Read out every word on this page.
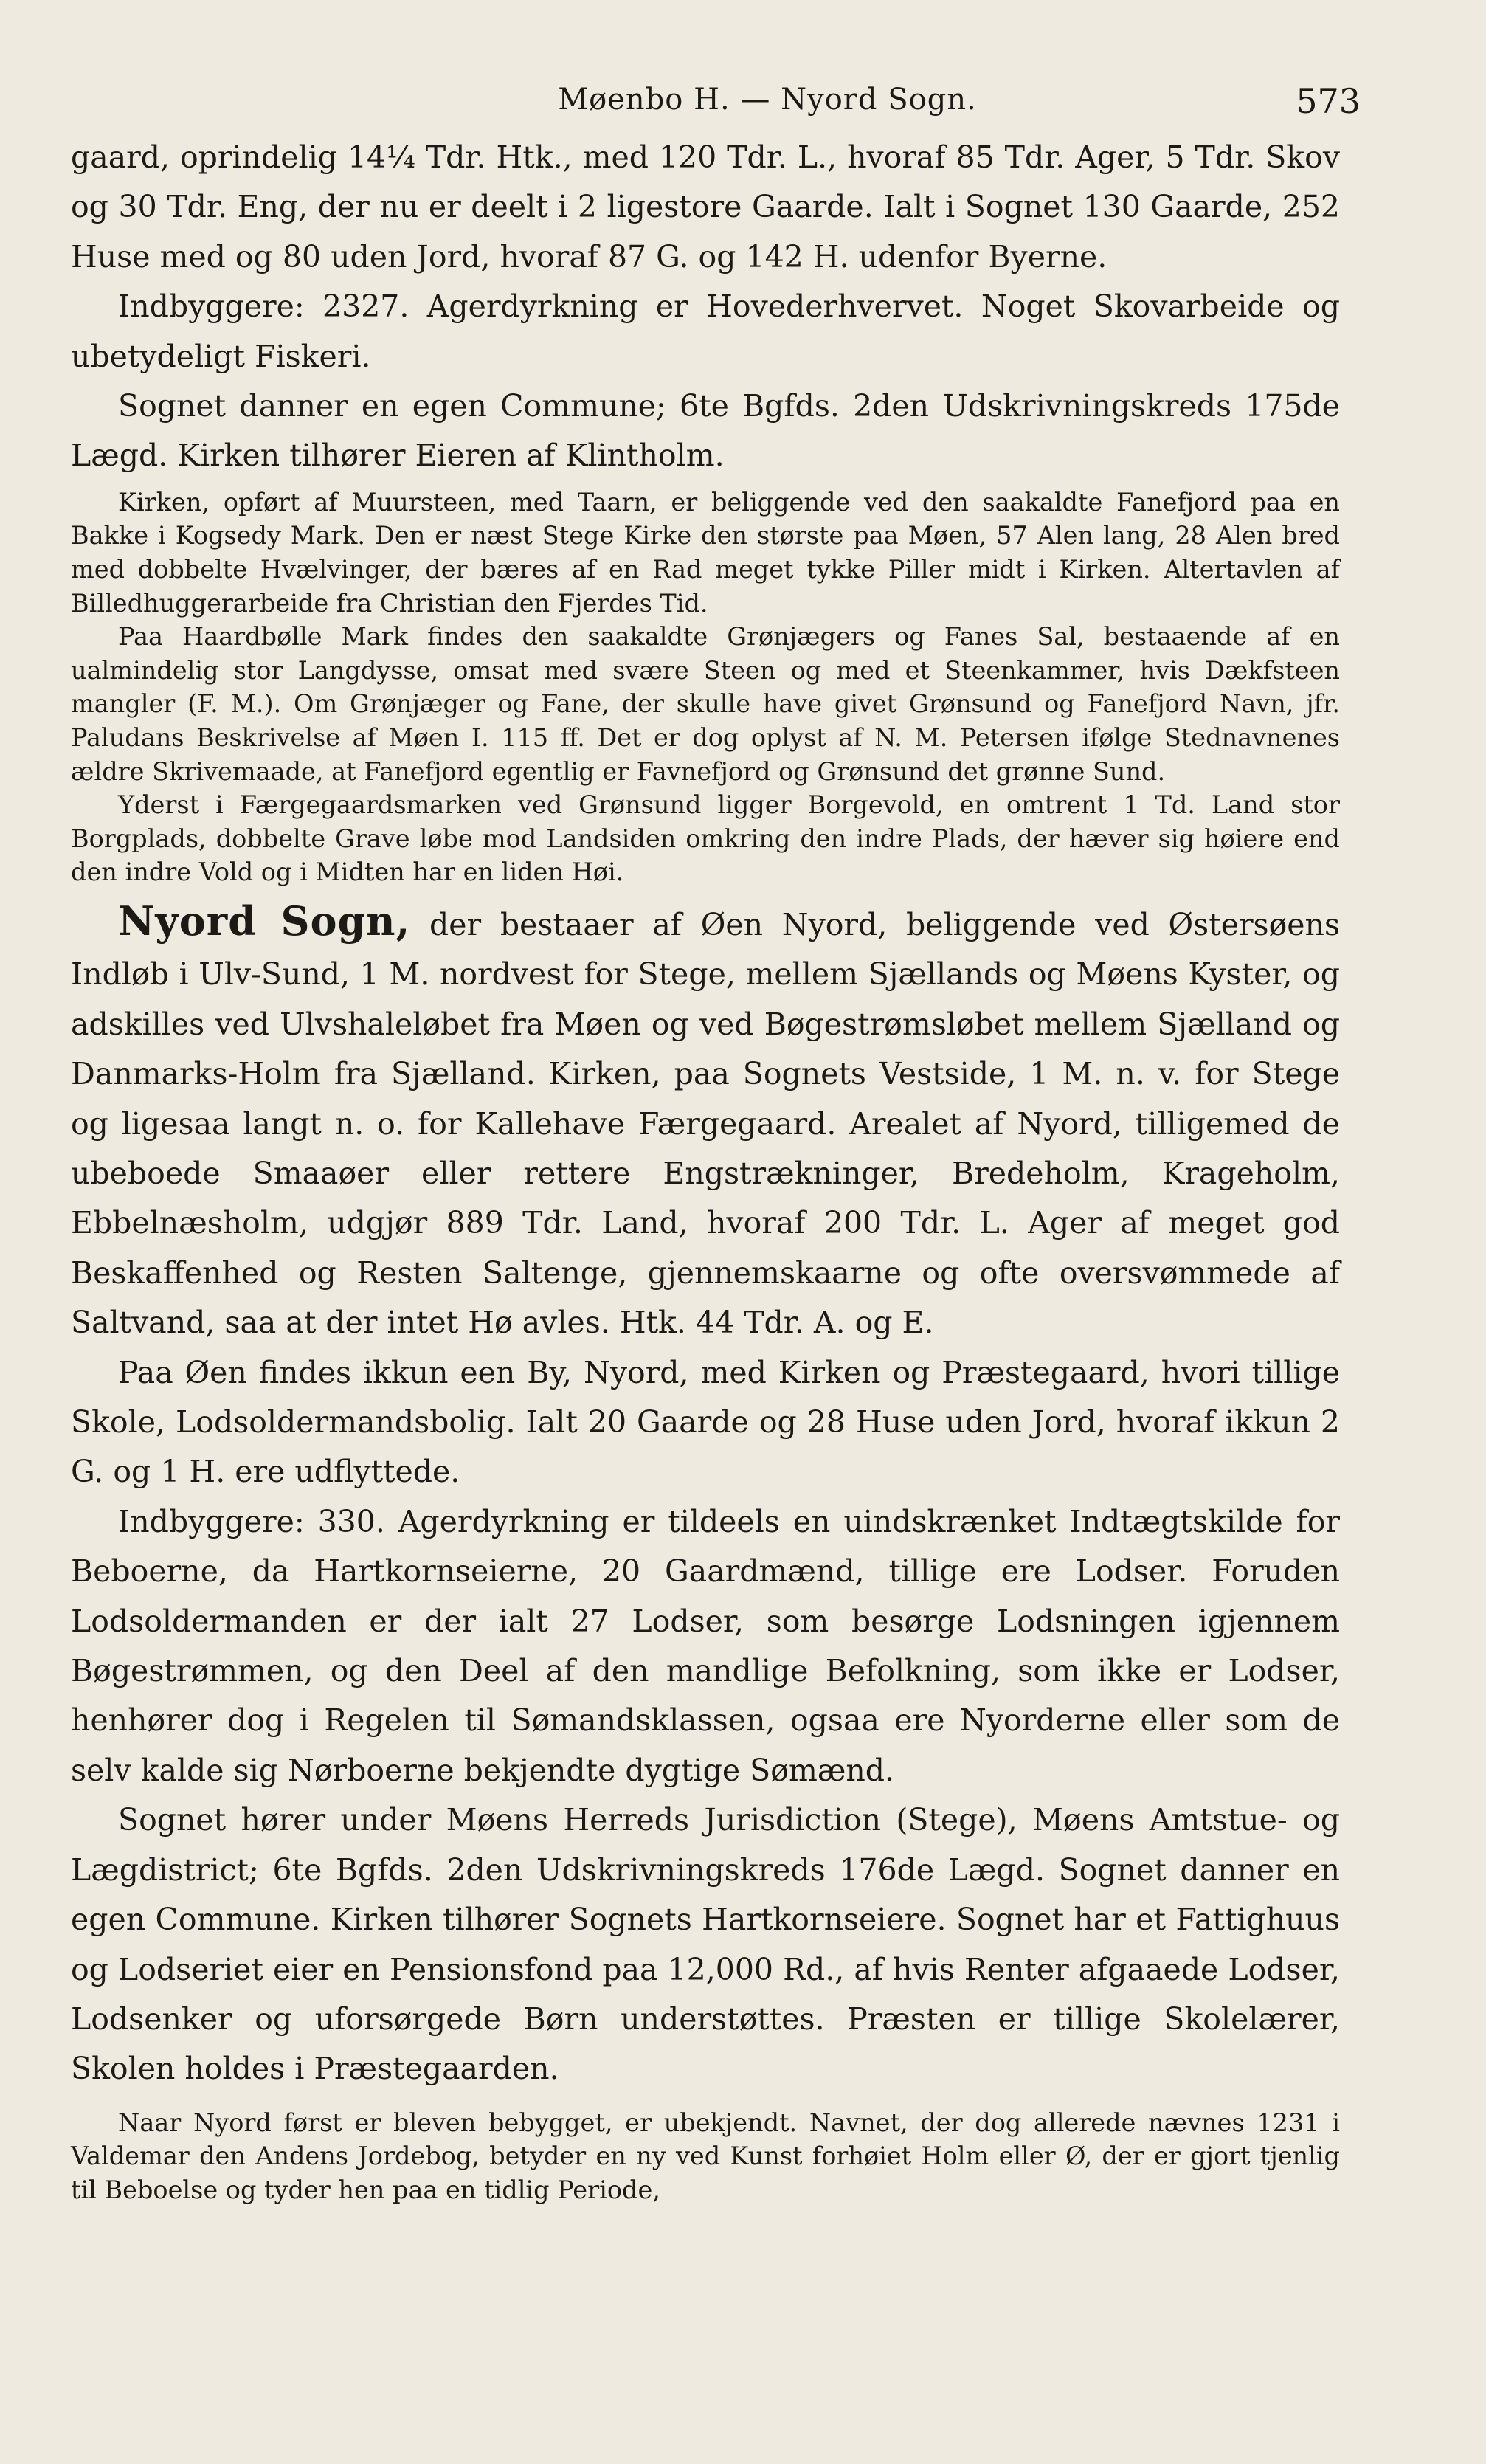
Møenbo H. — Nyord Sogn.	573

gaard, oprindelig 14¼ Tdr. Htk., med 120 Tdr. L., hvoraf 85 Tdr. Ager, 5 Tdr. Skov og 30 Tdr. Eng, der nu er deelt i 2 ligestore Gaarde. Ialt i Sognet 130 Gaarde, 252 Huse med og 80 uden Jord, hvoraf 87 G. og 142 H. udenfor Byerne.

Indbyggere: 2327. Agerdyrkning er Hovederhvervet. Noget Skovarbeide og ubetydeligt Fiskeri.

Sognet danner en egen Commune; 6te Bgfds. 2den Udskrivningskreds 175de Lægd. Kirken tilhører Eieren af Klintholm.

Kirken, opført af Muursteen, med Taarn, er beliggende ved den saakaldte Fanefjord paa en Bakke i Kogsedy Mark. Den er næst Stege Kirke den største paa Møen, 57 Alen lang, 28 Alen bred med dobbelte Hvælvinger, der bæres af en Rad meget tykke Piller midt i Kirken. Altertavlen af Billedhuggerarbeide fra Christian den Fjerdes Tid.

Paa Haardbølle Mark findes den saakaldte Grønjægers og Fanes Sal, bestaaende af en ualmindelig stor Langdysse, omsat med svære Steen og med et Steenkammer, hvis Dækfsteen mangler (F. M.). Om Grønjæger og Fane, der skulle have givet Grønsund og Fanefjord Navn, jfr. Paludans Beskrivelse af Møen I. 115 ff. Det er dog oplyst af N. M. Petersen ifølge Stednavnenes ældre Skrivemaade, at Fanefjord egentlig er Favnefjord og Grønsund det grønne Sund.

Yderst i Færgegaardsmarken ved Grønsund ligger Borgevold, en omtrent 1 Td. Land stor Borgplads, dobbelte Grave løbe mod Landsiden omkring den indre Plads, der hæver sig høiere end den indre Vold og i Midten har en liden Høi.

Nyord Sogn, der bestaaer af Øen Nyord, beliggende ved Østersøens Indløb i Ulv-Sund, 1 M. nordvest for Stege, mellem Sjællands og Møens Kyster, og adskilles ved Ulvshaleløbet fra Møen og ved Bøgestrømsløbet mellem Sjælland og Danmarks-Holm fra Sjælland. Kirken, paa Sognets Vestside, 1 M. n. v. for Stege og ligesaa langt n. o. for Kallehave Færgegaard. Arealet af Nyord, tilligemed de ubeboede Smaaøer eller rettere Engstrækninger, Bredeholm, Krageholm, Ebbelnæsholm, udgjør 889 Tdr. Land, hvoraf 200 Tdr. L. Ager af meget god Beskaffenhed og Resten Saltenge, gjennemskaarne og ofte oversvømmede af Saltvand, saa at der intet Hø avles. Htk. 44 Tdr. A. og E.

Paa Øen findes ikkun een By, Nyord, med Kirken og Præstegaard, hvori tillige Skole, Lodsoldermandsbolig. Ialt 20 Gaarde og 28 Huse uden Jord, hvoraf ikkun 2 G. og 1 H. ere udflyttede.

Indbyggere: 330. Agerdyrkning er tildeels en uindskrænket Indtægtskilde for Beboerne, da Hartkornseierne, 20 Gaardmænd, tillige ere Lodser. Foruden Lodsoldermanden er der ialt 27 Lodser, som besørge Lodsningen igjennem Bøgestrømmen, og den Deel af den mandlige Befolkning, som ikke er Lodser, henhører dog i Regelen til Sømandsklassen, ogsaa ere Nyorderne eller som de selv kalde sig Nørboerne bekjendte dygtige Sømænd.

Sognet hører under Møens Herreds Jurisdiction (Stege), Møens Amtstue- og Lægdistrict; 6te Bgfds. 2den Udskrivningskreds 176de Lægd. Sognet danner en egen Commune. Kirken tilhører Sognets Hartkornseiere. Sognet har et Fattighuus og Lodseriet eier en Pensionsfond paa 12,000 Rd., af hvis Renter afgaaede Lodser, Lodsenker og uforsørgede Børn understøttes. Præsten er tillige Skolelærer, Skolen holdes i Præstegaarden.

Naar Nyord først er bleven bebygget, er ubekjendt. Navnet, der dog allerede nævnes 1231 i Valdemar den Andens Jordebog, betyder en ny ved Kunst forhøiet Holm eller Ø, der er gjort tjenlig til Beboelse og tyder hen paa en tidlig Periode,
